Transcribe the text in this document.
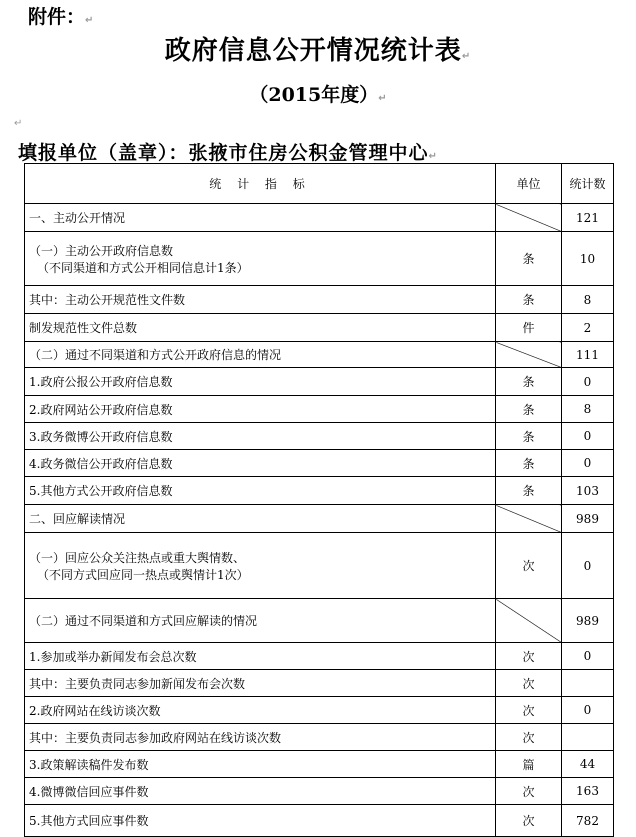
附件：↵
政府信息公开情况统计表↵
（2015年度）↵
↵
填报单位（盖章）：张掖市住房公积金管理中心↵
统 计 指 标	单位	统计数
一、主动公开情况		121
（一）主动公开政府信息数

（不同渠道和方式公开相同信息计1条）	条	10
其中：主动公开规范性文件数	条	8
制发规范性文件总数	件	2
（二）通过不同渠道和方式公开政府信息的情况		111
1.政府公报公开政府信息数	条	0
2.政府网站公开政府信息数	条	8
3.政务微博公开政府信息数	条	0
4.政务微信公开政府信息数	条	0
5.其他方式公开政府信息数	条	103
二、回应解读情况		989
（一）回应公众关注热点或重大舆情数、

（不同方式回应同一热点或舆情计1次）	次	0
（二）通过不同渠道和方式回应解读的情况		989
1.参加或举办新闻发布会总次数	次	0
其中：主要负责同志参加新闻发布会次数	次	
2.政府网站在线访谈次数	次	0
其中：主要负责同志参加政府网站在线访谈次数	次	
3.政策解读稿件发布数	篇	44
4.微博微信回应事件数	次	163
5.其他方式回应事件数	次	782
